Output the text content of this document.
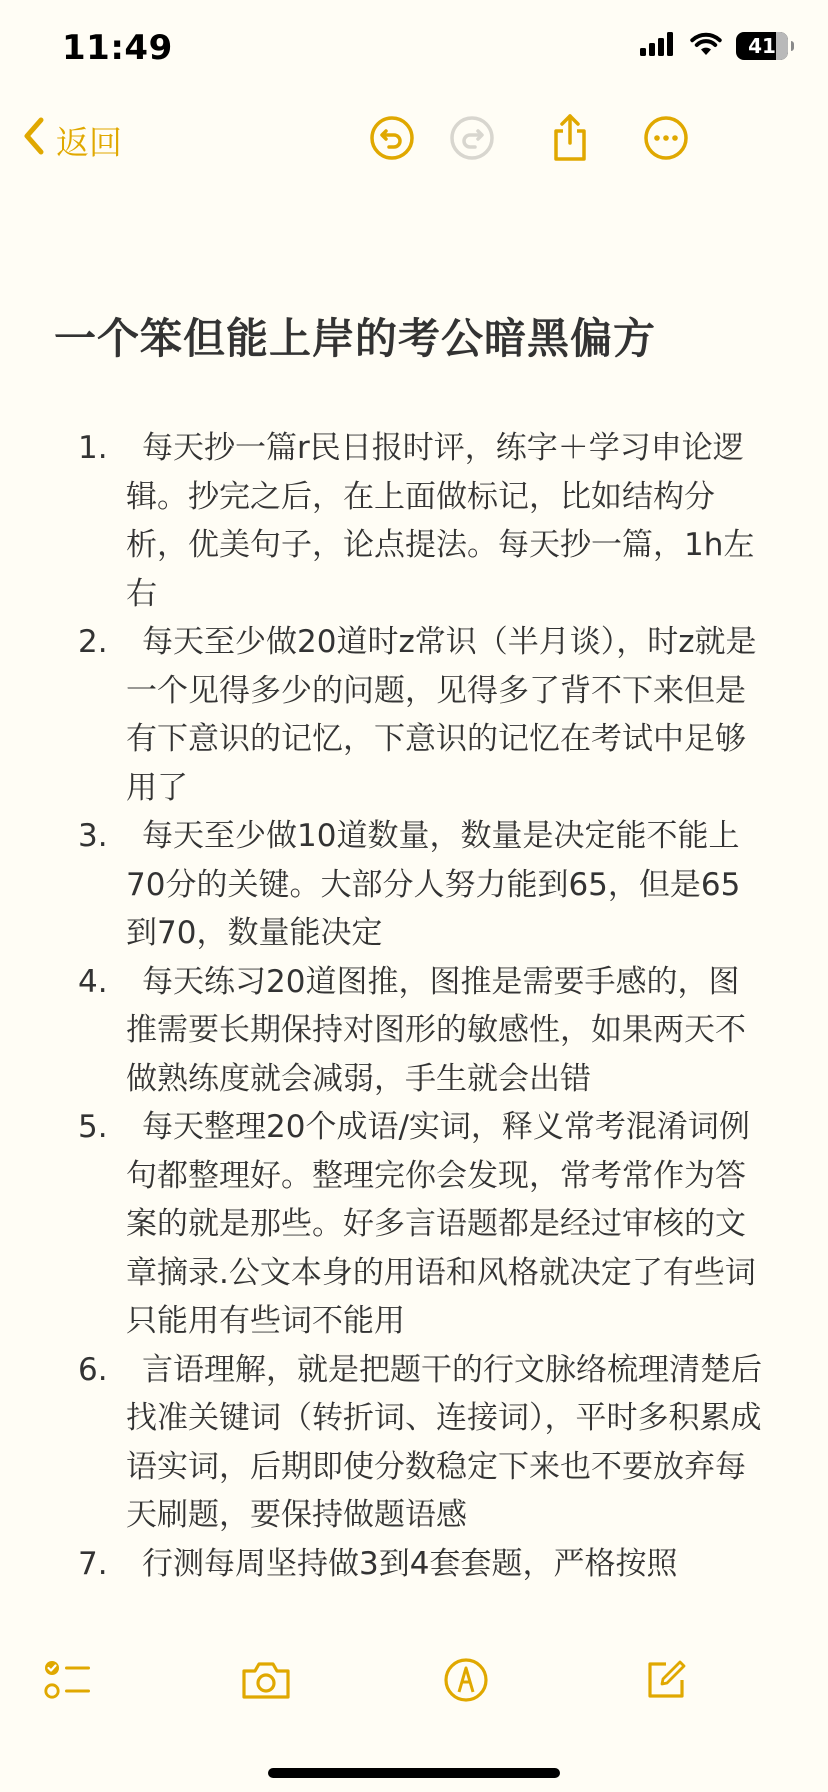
11:49	41
返回
一个笨但能上岸的考公暗黑偏方
1.	每天抄一篇r民日报时评，练字＋学习申论逻辑。抄完之后，在上面做标记，比如结构分析，优美句子，论点提法。每天抄一篇，1h左右
2.	每天至少做20道时z常识（半月谈），时z就是一个见得多少的问题，见得多了背不下来但是有下意识的记忆，下意识的记忆在考试中足够用了
3.	每天至少做10道数量，数量是决定能不能上70分的关键。大部分人努力能到65，但是65到70，数量能决定
4.	每天练习20道图推，图推是需要手感的，图推需要长期保持对图形的敏感性，如果两天不做熟练度就会减弱，手生就会出错
5.	每天整理20个成语/实词，释义常考混淆词例句都整理好。整理完你会发现，常考常作为答案的就是那些。好多言语题都是经过审核的文章摘录.公文本身的用语和风格就决定了有些词只能用有些词不能用
6.	言语理解，就是把题干的行文脉络梳理清楚后找准关键词（转折词、连接词），平时多积累成语实词，后期即使分数稳定下来也不要放弃每天刷题，要保持做题语感
7.	行测每周坚持做3到4套套题，严格按照
